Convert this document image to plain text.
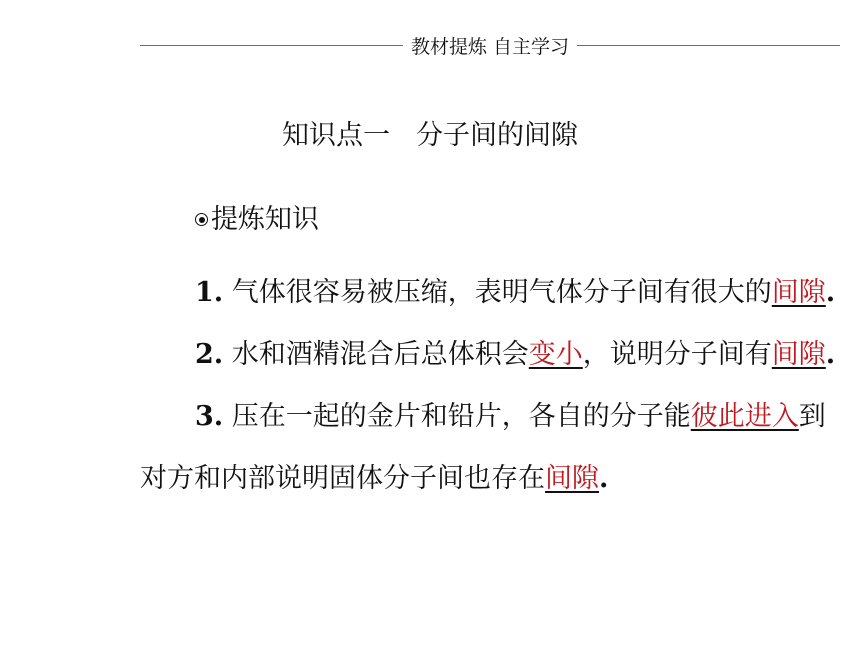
教材提炼 自主学习
知识点一 分子间的间隙
提炼知识
1. 气体很容易被压缩，表明气体分子间有很大的间隙.
2. 水和酒精混合后总体积会变小，说明分子间有间隙.
3. 压在一起的金片和铅片，各自的分子能彼此进入到
对方和内部说明固体分子间也存在间隙.
